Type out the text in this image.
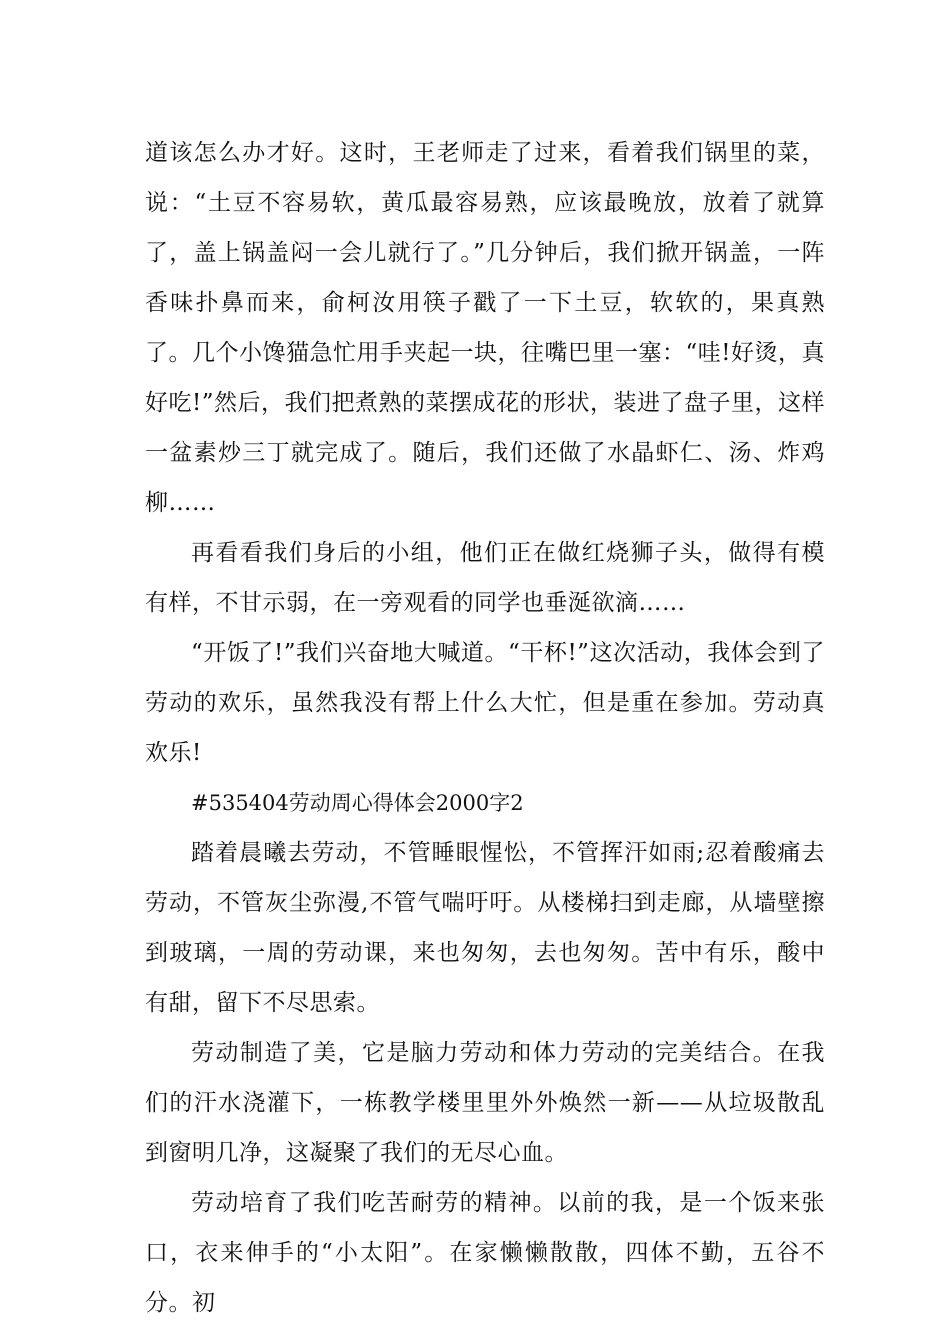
道该怎么办才好。这时，王老师走了过来，看着我们锅里的菜，说：“土豆不容易软，黄瓜最容易熟，应该最晚放，放着了就算了，盖上锅盖闷一会儿就行了。”几分钟后，我们掀开锅盖，一阵香味扑鼻而来，俞柯汝用筷子戳了一下土豆，软软的，果真熟了。几个小馋猫急忙用手夹起一块，往嘴巴里一塞：“哇!好烫，真好吃!”然后，我们把煮熟的菜摆成花的形状，装进了盘子里，这样一盆素炒三丁就完成了。随后，我们还做了水晶虾仁、汤、炸鸡柳……

再看看我们身后的小组，他们正在做红烧狮子头，做得有模有样，不甘示弱，在一旁观看的同学也垂涎欲滴……

“开饭了!”我们兴奋地大喊道。“干杯!”这次活动，我体会到了劳动的欢乐，虽然我没有帮上什么大忙，但是重在参加。劳动真欢乐!

#535404劳动周心得体会2000字2

踏着晨曦去劳动，不管睡眼惺忪，不管挥汗如雨;忍着酸痛去劳动，不管灰尘弥漫,不管气喘吁吁。从楼梯扫到走廊，从墙壁擦到玻璃，一周的劳动课，来也匆匆，去也匆匆。苦中有乐，酸中有甜，留下不尽思索。

劳动制造了美，它是脑力劳动和体力劳动的完美结合。在我们的汗水浇灌下，一栋教学楼里里外外焕然一新——从垃圾散乱到窗明几净，这凝聚了我们的无尽心血。

劳动培育了我们吃苦耐劳的精神。以前的我，是一个饭来张口，衣来伸手的“小太阳”。在家懒懒散散，四体不勤，五谷不分。初
